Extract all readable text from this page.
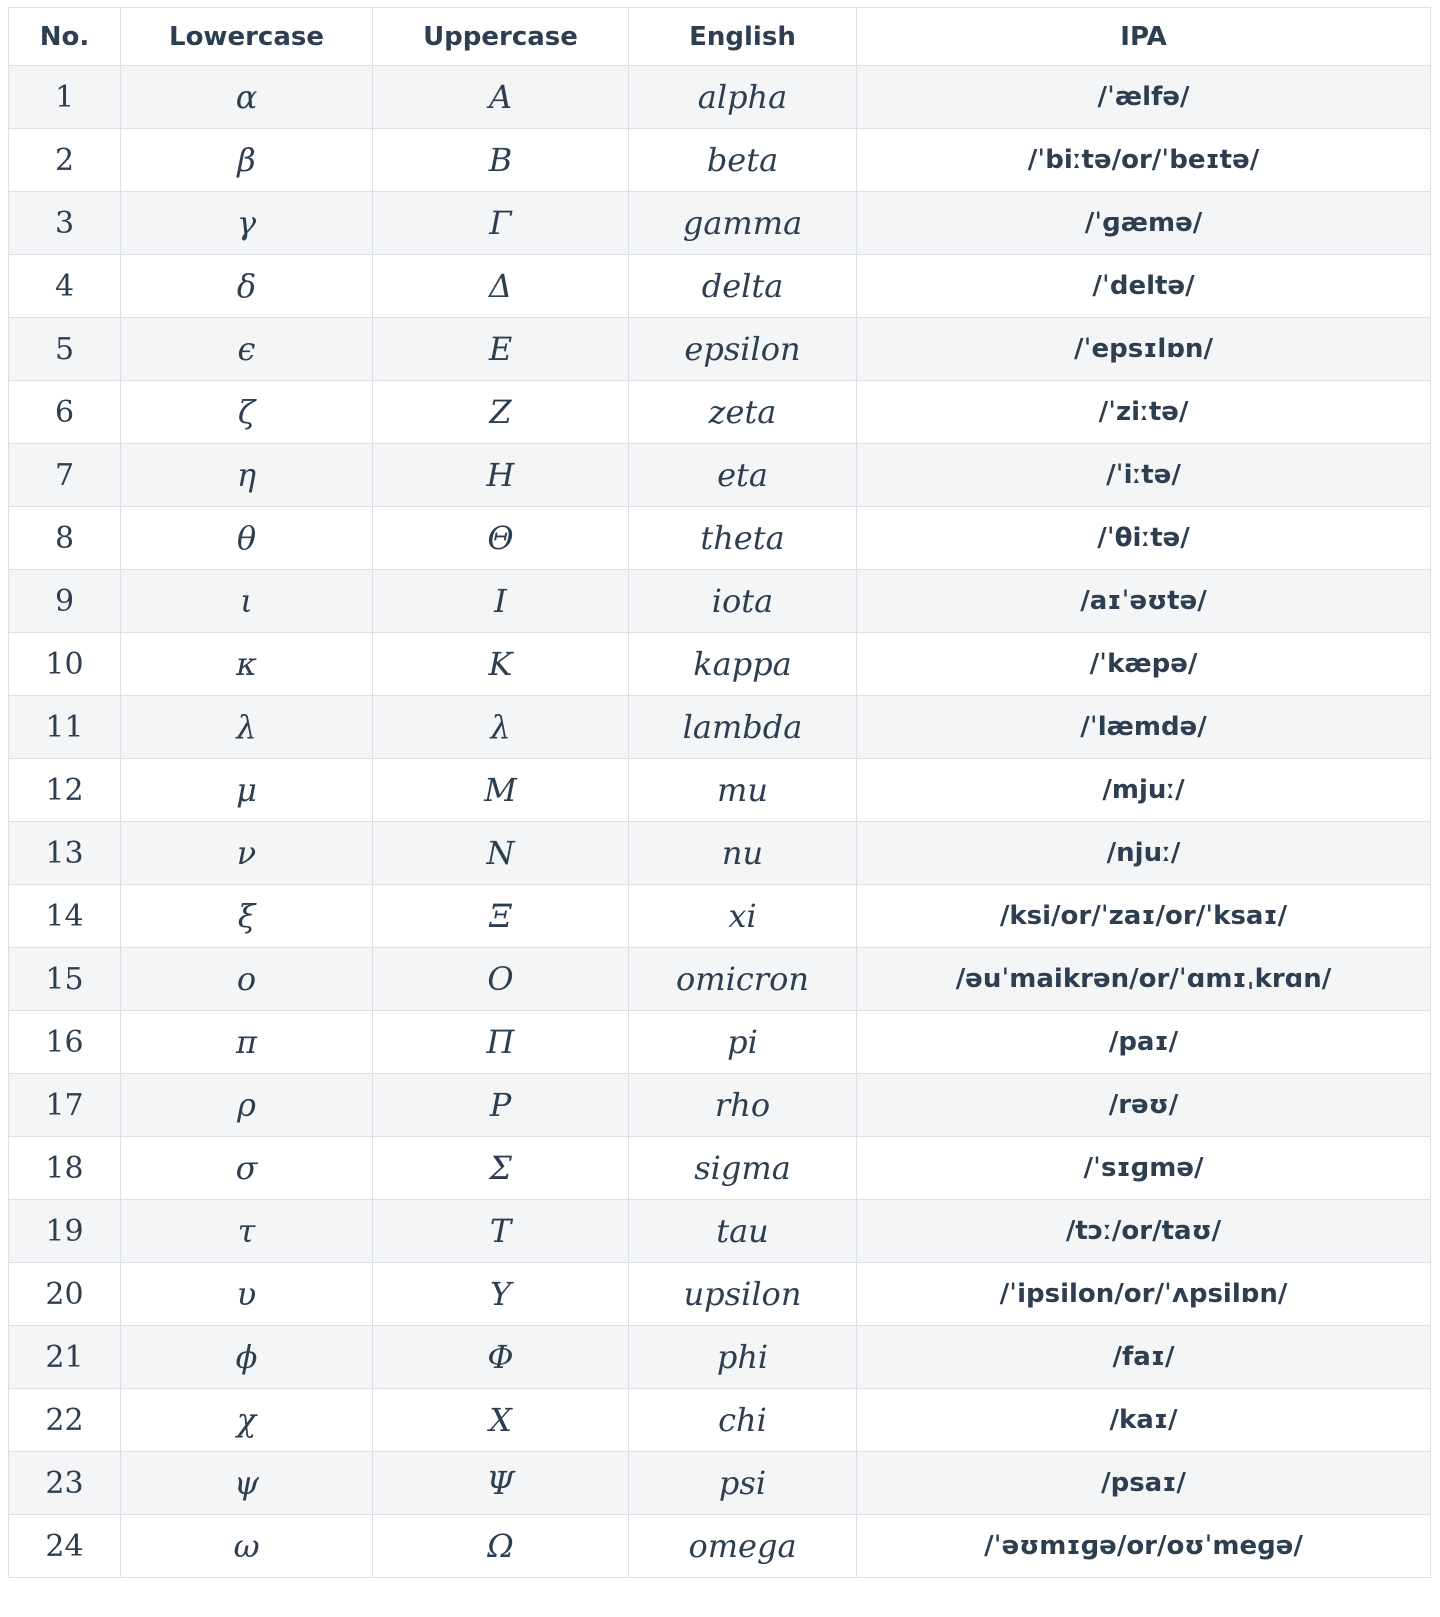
No.	Lowercase	Uppercase	English	IPA
1	α	A	alpha	/ˈælfə/
2	β	B	beta	/ˈbiːtə/or/ˈbeɪtə/
3	γ	Γ	gamma	/ˈɡæmə/
4	δ	Δ	delta	/ˈdeltə/
5	ϵ	E	epsilon	/ˈepsɪlɒn/
6	ζ	Z	zeta	/ˈziːtə/
7	η	H	eta	/ˈiːtə/
8	θ	Θ	theta	/ˈθiːtə/
9	ι	I	iota	/aɪˈəʊtə/
10	κ	K	kappa	/ˈkæpə/
11	λ	λ	lambda	/ˈlæmdə/
12	μ	M	mu	/mjuː/
13	ν	N	nu	/njuː/
14	ξ	Ξ	xi	/ksi/or/ˈzaɪ/or/ˈksaɪ/
15	ο	O	omicron	/əuˈmaikrən/or/ˈɑmɪˌkrɑn/
16	π	Π	pi	/paɪ/
17	ρ	P	rho	/rəʊ/
18	σ	Σ	sigma	/ˈsɪɡmə/
19	τ	T	tau	/tɔː/or/taʊ/
20	υ	Υ	upsilon	/ˈipsilon/or/ˈʌpsilɒn/
21	ϕ	Φ	phi	/faɪ/
22	χ	X	chi	/kaɪ/
23	ψ	Ψ	psi	/psaɪ/
24	ω	Ω	omega	/ˈəʊmɪɡə/or/oʊˈmeɡə/
